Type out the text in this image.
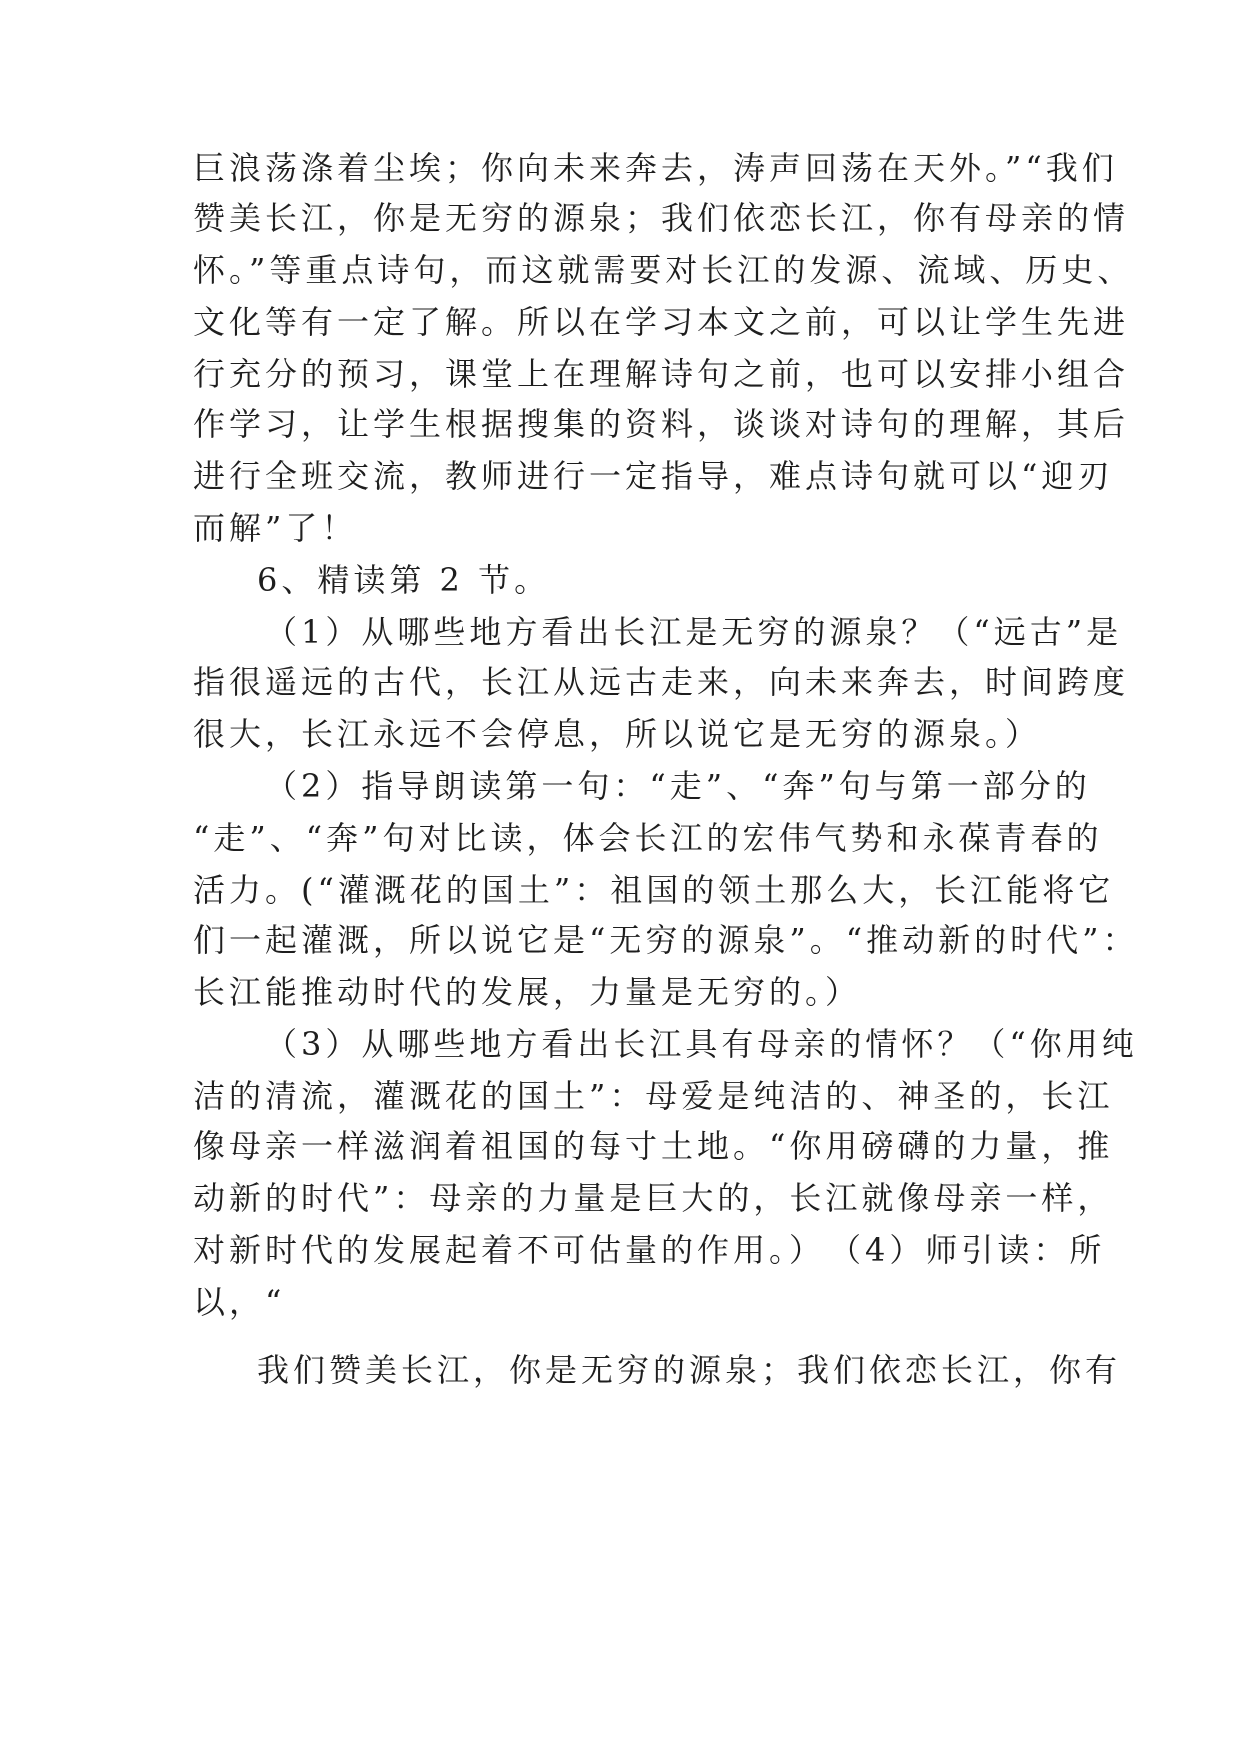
巨浪荡涤着尘埃；你向未来奔去，涛声回荡在天外。”“我们
赞美长江，你是无穷的源泉；我们依恋长江，你有母亲的情
怀。”等重点诗句，而这就需要对长江的发源、流域、历史、
文化等有一定了解。所以在学习本文之前，可以让学生先进
行充分的预习，课堂上在理解诗句之前，也可以安排小组合
作学习，让学生根据搜集的资料，谈谈对诗句的理解，其后
进行全班交流，教师进行一定指导，难点诗句就可以“迎刃
而解”了！
6、精读第 2 节。
（1）从哪些地方看出长江是无穷的源泉？（“远古”是
指很遥远的古代，长江从远古走来，向未来奔去，时间跨度
很大，长江永远不会停息，所以说它是无穷的源泉。）
（2）指导朗读第一句：“走”、“奔”句与第一部分的
“走”、“奔”句对比读，体会长江的宏伟气势和永葆青春的
活力。(“灌溉花的国土”：祖国的领土那么大，长江能将它
们一起灌溉，所以说它是“无穷的源泉”。“推动新的时代”：
长江能推动时代的发展，力量是无穷的。）
（3）从哪些地方看出长江具有母亲的情怀？（“你用纯
洁的清流，灌溉花的国土”：母爱是纯洁的、神圣的，长江
像母亲一样滋润着祖国的每寸土地。“你用磅礴的力量，推
动新的时代”：母亲的力量是巨大的，长江就像母亲一样，
对新时代的发展起着不可估量的作用。）　（4）师引读：所
以，“
我们赞美长江，你是无穷的源泉；我们依恋长江，你有
